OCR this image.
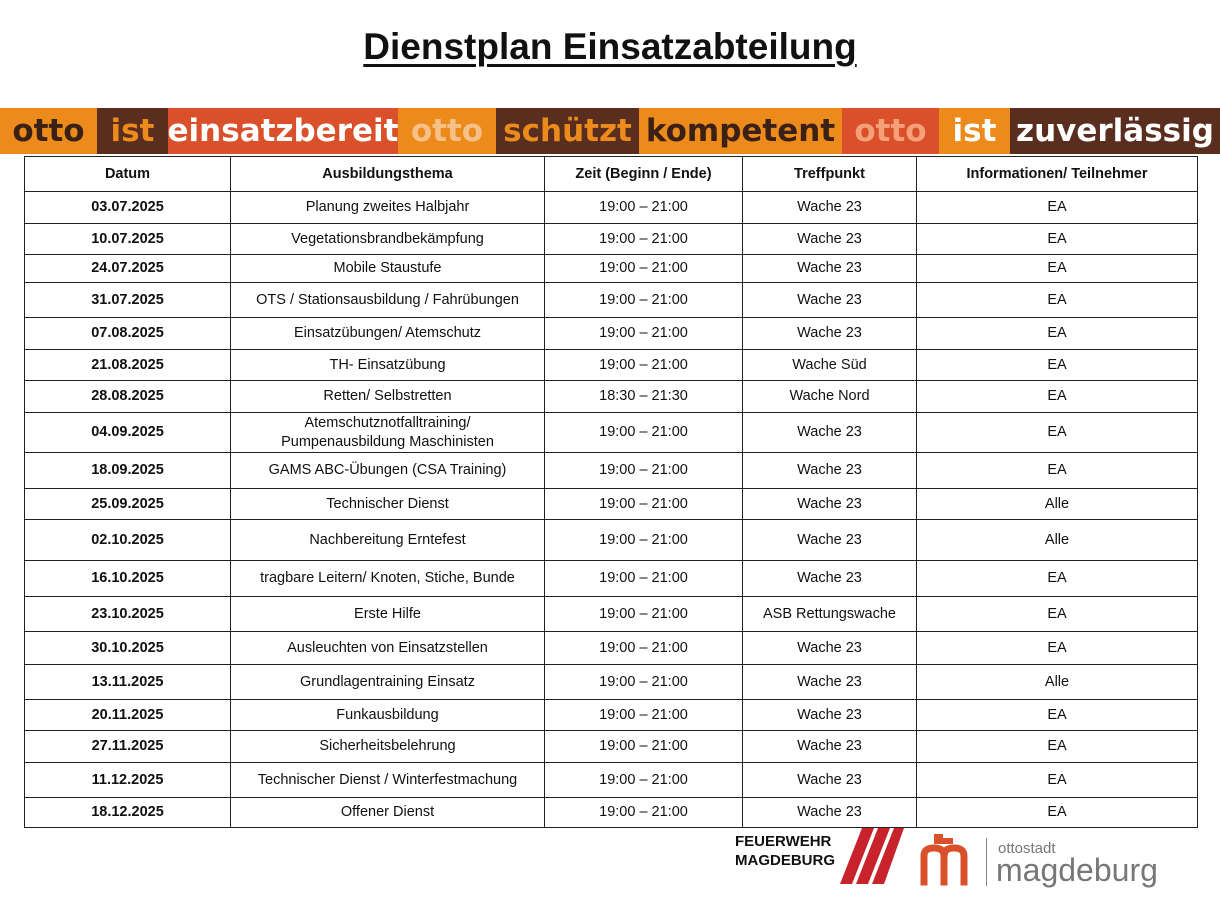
Dienstplan Einsatzabteilung
otto ist einsatzbereit otto schützt kompetent otto ist zuverlässig
Datum	Ausbildungsthema	Zeit (Beginn / Ende)	Treffpunkt	Informationen/ Teilnehmer
03.07.2025	Planung zweites Halbjahr	19:00 – 21:00	Wache 23	EA
10.07.2025	Vegetationsbrandbekämpfung	19:00 – 21:00	Wache 23	EA
24.07.2025	Mobile Staustufe	19:00 – 21:00	Wache 23	EA
31.07.2025	OTS / Stationsausbildung / Fahrübungen	19:00 – 21:00	Wache 23	EA
07.08.2025	Einsatzübungen/ Atemschutz	19:00 – 21:00	Wache 23	EA
21.08.2025	TH- Einsatzübung	19:00 – 21:00	Wache Süd	EA
28.08.2025	Retten/ Selbstretten	18:30 – 21:30	Wache Nord	EA
04.09.2025	Atemschutznotfalltraining/
Pumpenausbildung Maschinisten	19:00 – 21:00	Wache 23	EA
18.09.2025	GAMS ABC-Übungen (CSA Training)	19:00 – 21:00	Wache 23	EA
25.09.2025	Technischer Dienst	19:00 – 21:00	Wache 23	Alle
02.10.2025	Nachbereitung Erntefest	19:00 – 21:00	Wache 23	Alle
16.10.2025	tragbare Leitern/ Knoten, Stiche, Bunde	19:00 – 21:00	Wache 23	EA
23.10.2025	Erste Hilfe	19:00 – 21:00	ASB Rettungswache	EA
30.10.2025	Ausleuchten von Einsatzstellen	19:00 – 21:00	Wache 23	EA
13.11.2025	Grundlagentraining Einsatz	19:00 – 21:00	Wache 23	Alle
20.11.2025	Funkausbildung	19:00 – 21:00	Wache 23	EA
27.11.2025	Sicherheitsbelehrung	19:00 – 21:00	Wache 23	EA
11.12.2025	Technischer Dienst / Winterfestmachung	19:00 – 21:00	Wache 23	EA
18.12.2025	Offener Dienst	19:00 – 21:00	Wache 23	EA
FEUERWEHR
MAGDEBURG
ottostadt
magdeburg
